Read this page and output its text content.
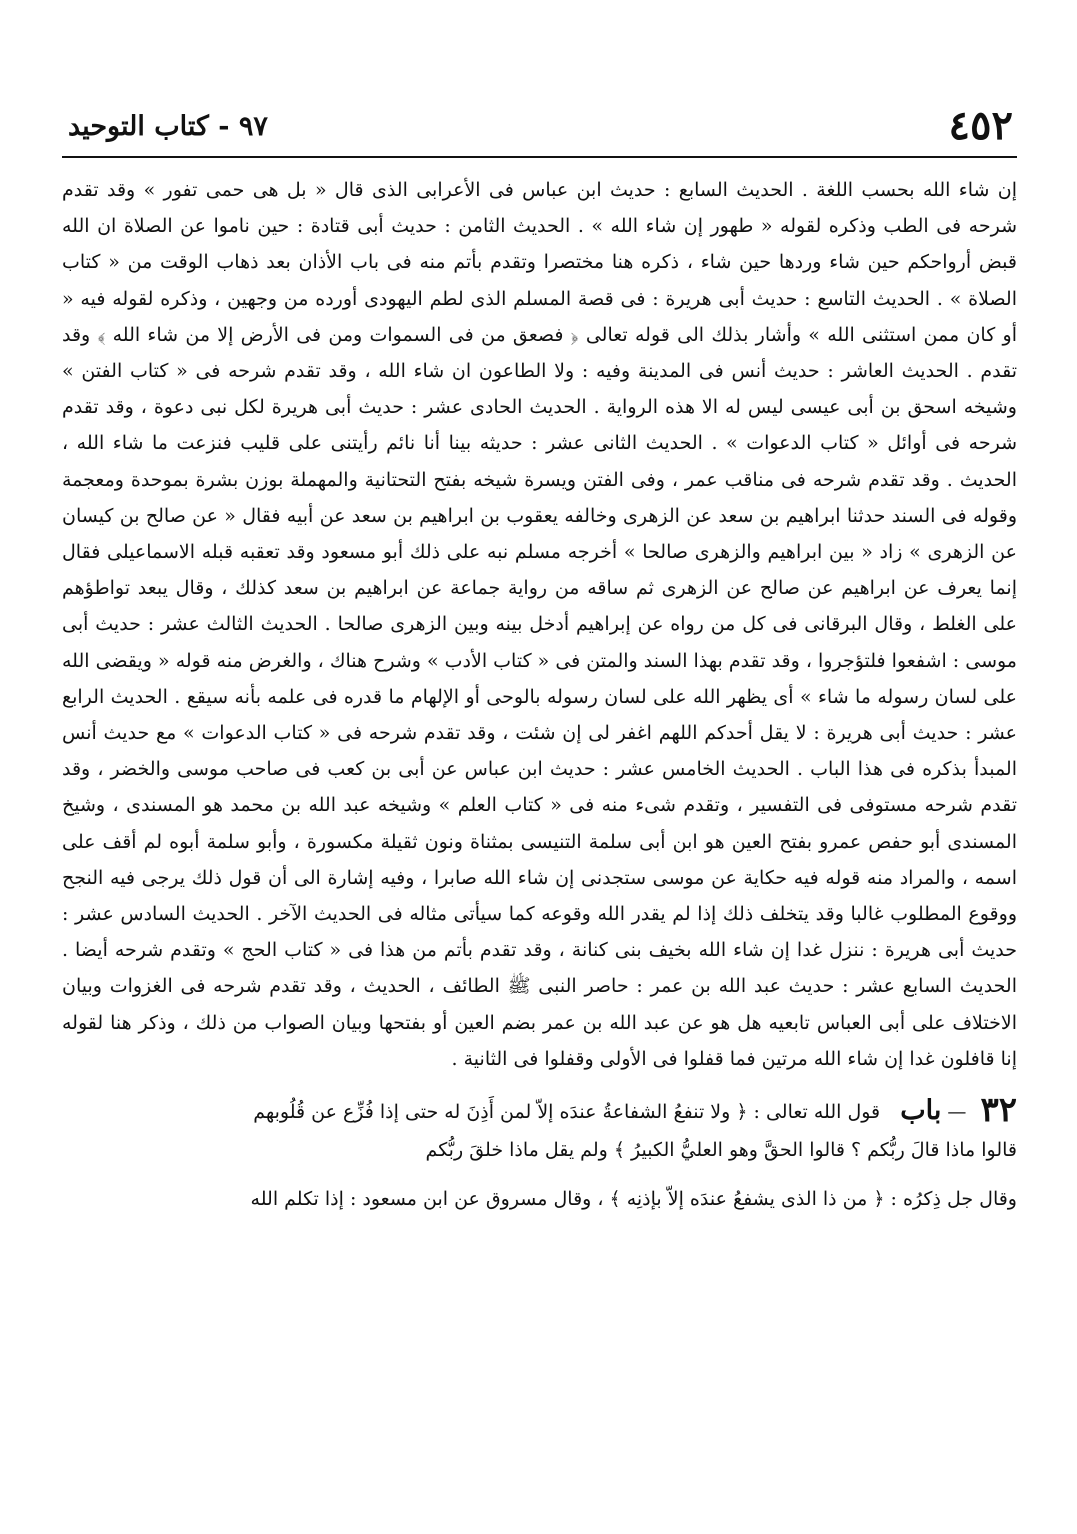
٤٥٢
٩٧ - كتاب التوحيد

إن شاء الله بحسب اللغة . الحديث السابع : حديث ابن عباس فى الأعرابى الذى قال « بل هى حمى تفور » وقد تقدم شرحه فى الطب وذكره لقوله « طهور إن شاء الله » . الحديث الثامن : حديث أبى قتادة : حين ناموا عن الصلاة ان الله قبض أرواحكم حين شاء وردها حين شاء ، ذكره هنا مختصرا وتقدم بأتم منه فى باب الأذان بعد ذهاب الوقت من « كتاب الصلاة » . الحديث التاسع : حديث أبى هريرة : فى قصة المسلم الذى لطم اليهودى أورده من وجهين ، وذكره لقوله فيه « أو كان ممن استثنى الله » وأشار بذلك الى قوله تعالى ﴿ فصعق من فى السموات ومن فى الأرض إلا من شاء الله ﴾ وقد تقدم . الحديث العاشر : حديث أنس فى المدينة وفيه : ولا الطاعون ان شاء الله ، وقد تقدم شرحه فى « كتاب الفتن » وشيخه اسحق بن أبى عيسى ليس له الا هذه الرواية . الحديث الحادى عشر : حديث أبى هريرة لكل نبى دعوة ، وقد تقدم شرحه فى أوائل « كتاب الدعوات » . الحديث الثانى عشر : حديثه بينا أنا نائم رأيتنى على قليب فنزعت ما شاء الله ، الحديث . وقد تقدم شرحه فى مناقب عمر ، وفى الفتن ويسرة شيخه بفتح التحتانية والمهملة بوزن بشرة بموحدة ومعجمة وقوله فى السند حدثنا ابراهيم بن سعد عن الزهرى وخالفه يعقوب بن ابراهيم بن سعد عن أبيه فقال « عن صالح بن كيسان عن الزهرى » زاد « بين ابراهيم والزهرى صالحا » أخرجه مسلم نبه على ذلك أبو مسعود وقد تعقبه قبله الاسماعيلى فقال إنما يعرف عن ابراهيم عن صالح عن الزهرى ثم ساقه من رواية جماعة عن ابراهيم بن سعد كذلك ، وقال يبعد تواطؤهم على الغلط ، وقال البرقانى فى كل من رواه عن إبراهيم أدخل بينه وبين الزهرى صالحا . الحديث الثالث عشر : حديث أبى موسى : اشفعوا فلتؤجروا ، وقد تقدم بهذا السند والمتن فى « كتاب الأدب » وشرح هناك ، والغرض منه قوله « ويقضى الله على لسان رسوله ما شاء » أى يظهر الله على لسان رسوله بالوحى أو الإلهام ما قدره فى علمه بأنه سيقع . الحديث الرابع عشر : حديث أبى هريرة : لا يقل أحدكم اللهم اغفر لى إن شئت ، وقد تقدم شرحه فى « كتاب الدعوات » مع حديث أنس المبدأ بذكره فى هذا الباب . الحديث الخامس عشر : حديث ابن عباس عن أبى بن كعب فى صاحب موسى والخضر ، وقد تقدم شرحه مستوفى فى التفسير ، وتقدم شىء منه فى « كتاب العلم » وشيخه عبد الله بن محمد هو المسندى ، وشيخ المسندى أبو حفص عمرو بفتح العين هو ابن أبى سلمة التنيسى بمثناة ونون ثقيلة مكسورة ، وأبو سلمة أبوه لم أقف على اسمه ، والمراد منه قوله فيه حكاية عن موسى ستجدنى إن شاء الله صابرا ، وفيه إشارة الى أن قول ذلك يرجى فيه النجح ووقوع المطلوب غالبا وقد يتخلف ذلك إذا لم يقدر الله وقوعه كما سيأتى مثاله فى الحديث الآخر . الحديث السادس عشر : حديث أبى هريرة : ننزل غدا إن شاء الله بخيف بنى كنانة ، وقد تقدم بأتم من هذا فى « كتاب الحج » وتقدم شرحه أيضا . الحديث السابع عشر : حديث عبد الله بن عمر : حاصر النبى ﷺ الطائف ، الحديث ، وقد تقدم شرحه فى الغزوات وبيان الاختلاف على أبى العباس تابعيه هل هو عن عبد الله بن عمر بضم العين أو بفتحها وبيان الصواب من ذلك ، وذكر هنا لقوله إنا قافلون غدا إن شاء الله مرتين فما قفلوا فى الأولى وقفلوا فى الثانية .

٣٢ — باب قول الله تعالى : ﴿ ولا تنفعُ الشفاعةُ عندَه إلاّ لمن أَذِنَ له حتى إذا فُزِّع عن قُلُوبهم
قالوا ماذا قالَ ربُّكم ؟ قالوا الحقَّ وهو العليُّ الكبيرُ ﴾ ولم يقل ماذا خلقَ ربُّكم
وقال جل ذِكرُه : ﴿ من ذا الذى يشفعُ عندَه إلاّ بإذنِه ﴾ ، وقال مسروق عن ابن مسعود : إذا تكلم الله
